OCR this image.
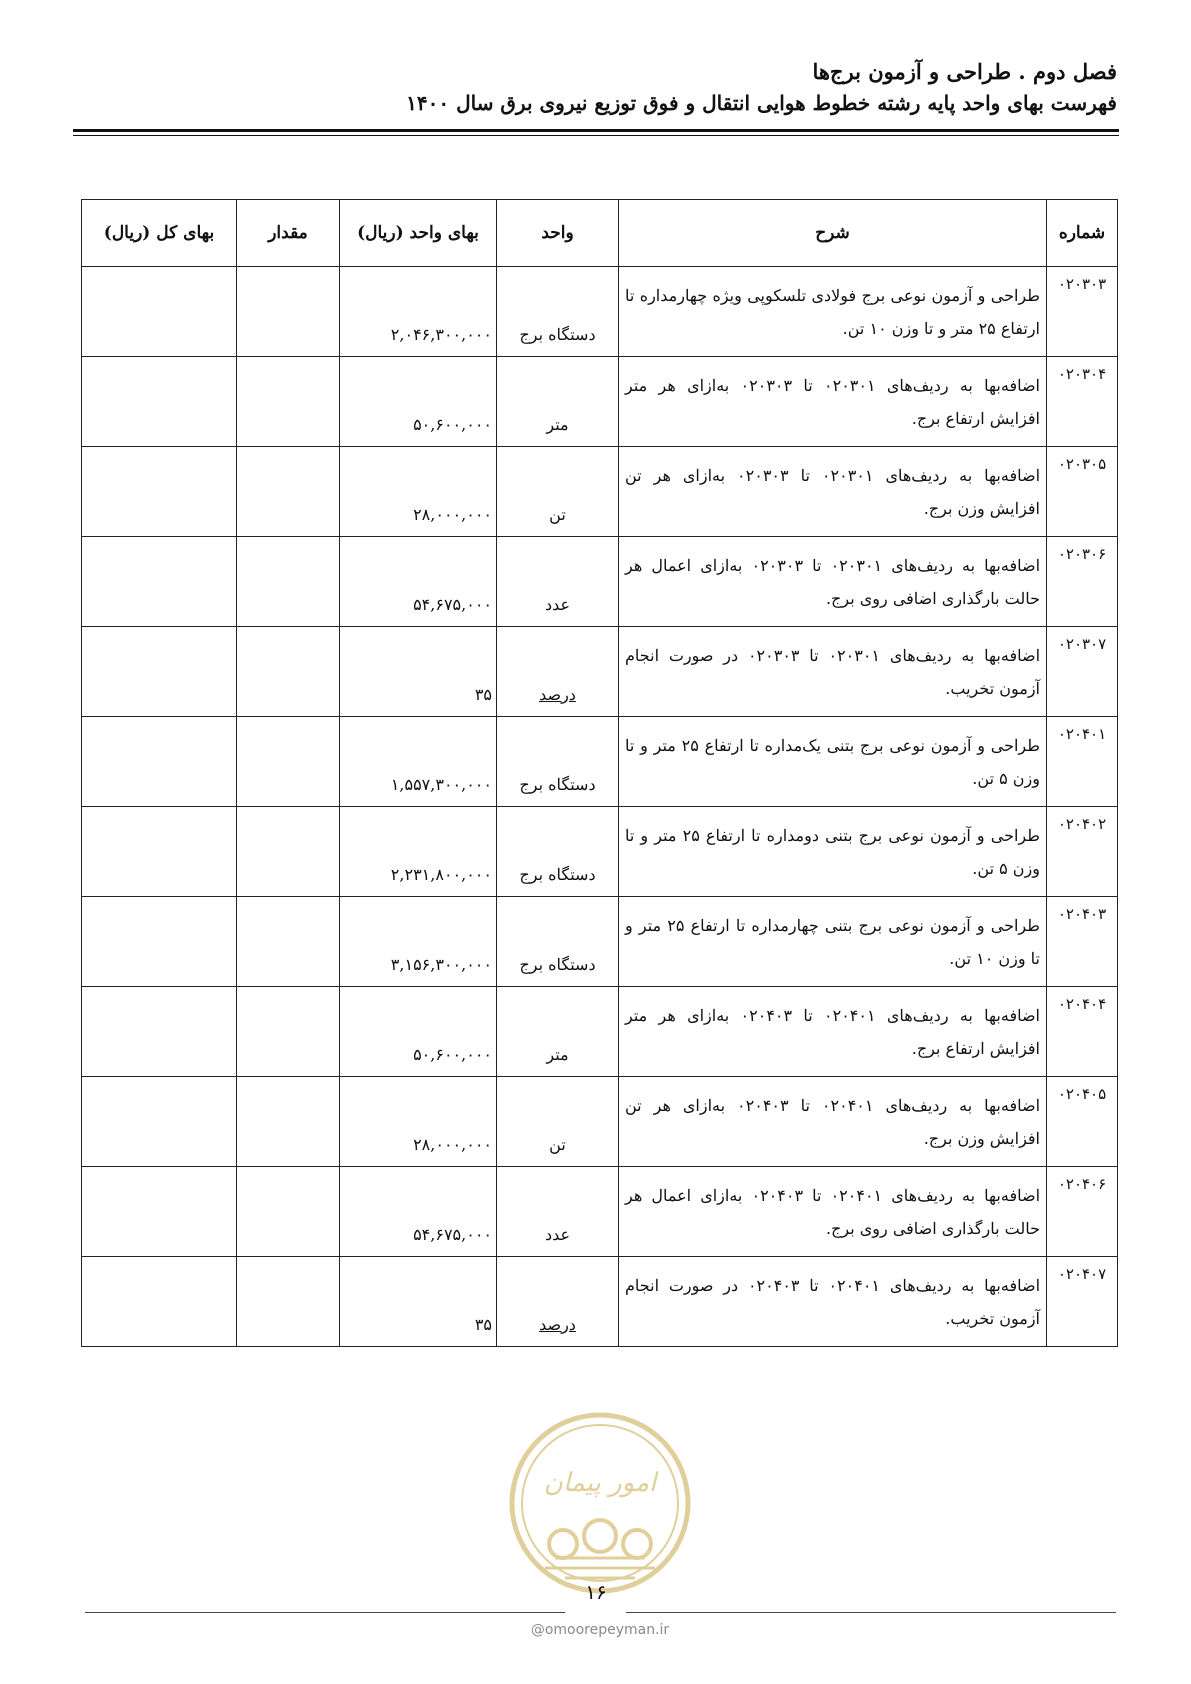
فصل دوم . طراحی و آزمون برج‌ها
فهرست بهای واحد پایه رشته خطوط هوایی انتقال و فوق توزیع نیروی برق سال ۱۴۰۰
شماره	شرح	واحد	بهای واحد (ریال)	مقدار	بهای کل (ریال)
۰۲۰۳۰۳	طراحی و آزمون نوعی برج فولادی تلسکوپی ویژه چهارمداره تا ارتفاع ۲۵ متر و تا وزن ۱۰ تن.	دستگاه برج	۲,۰۴۶,۳۰۰,۰۰۰		
۰۲۰۳۰۴	اضافه‌بها به ردیف‌های ۰۲۰۳۰۱ تا ۰۲۰۳۰۳ به‌ازای هر متر افزایش ارتفاع برج.	متر	۵۰,۶۰۰,۰۰۰		
۰۲۰۳۰۵	اضافه‌بها به ردیف‌های ۰۲۰۳۰۱ تا ۰۲۰۳۰۳ به‌ازای هر تن افزایش وزن برج.	تن	۲۸,۰۰۰,۰۰۰		
۰۲۰۳۰۶	اضافه‌بها به ردیف‌های ۰۲۰۳۰۱ تا ۰۲۰۳۰۳ به‌ازای اعمال هر حالت بارگذاری اضافی روی برج.	عدد	۵۴,۶۷۵,۰۰۰		
۰۲۰۳۰۷	اضافه‌بها به ردیف‌های ۰۲۰۳۰۱ تا ۰۲۰۳۰۳ در صورت انجام آزمون تخریب.	درصد	۳۵		
۰۲۰۴۰۱	طراحی و آزمون نوعی برج بتنی یک‌مداره تا ارتفاع ۲۵ متر و تا وزن ۵ تن.	دستگاه برج	۱,۵۵۷,۳۰۰,۰۰۰		
۰۲۰۴۰۲	طراحی و آزمون نوعی برج بتنی دومداره تا ارتفاع ۲۵ متر و تا وزن ۵ تن.	دستگاه برج	۲,۲۳۱,۸۰۰,۰۰۰		
۰۲۰۴۰۳	طراحی و آزمون نوعی برج بتنی چهارمداره تا ارتفاع ۲۵ متر و تا وزن ۱۰ تن.	دستگاه برج	۳,۱۵۶,۳۰۰,۰۰۰		
۰۲۰۴۰۴	اضافه‌بها به ردیف‌های ۰۲۰۴۰۱ تا ۰۲۰۴۰۳ به‌ازای هر متر افزایش ارتفاع برج.	متر	۵۰,۶۰۰,۰۰۰		
۰۲۰۴۰۵	اضافه‌بها به ردیف‌های ۰۲۰۴۰۱ تا ۰۲۰۴۰۳ به‌ازای هر تن افزایش وزن برج.	تن	۲۸,۰۰۰,۰۰۰		
۰۲۰۴۰۶	اضافه‌بها به ردیف‌های ۰۲۰۴۰۱ تا ۰۲۰۴۰۳ به‌ازای اعمال هر حالت بارگذاری اضافی روی برج.	عدد	۵۴,۶۷۵,۰۰۰		
۰۲۰۴۰۷	اضافه‌بها به ردیف‌های ۰۲۰۴۰۱ تا ۰۲۰۴۰۳ در صورت انجام آزمون تخریب.	درصد	۳۵		
امور پیمان
۱۶
@omoorepeyman.ir
